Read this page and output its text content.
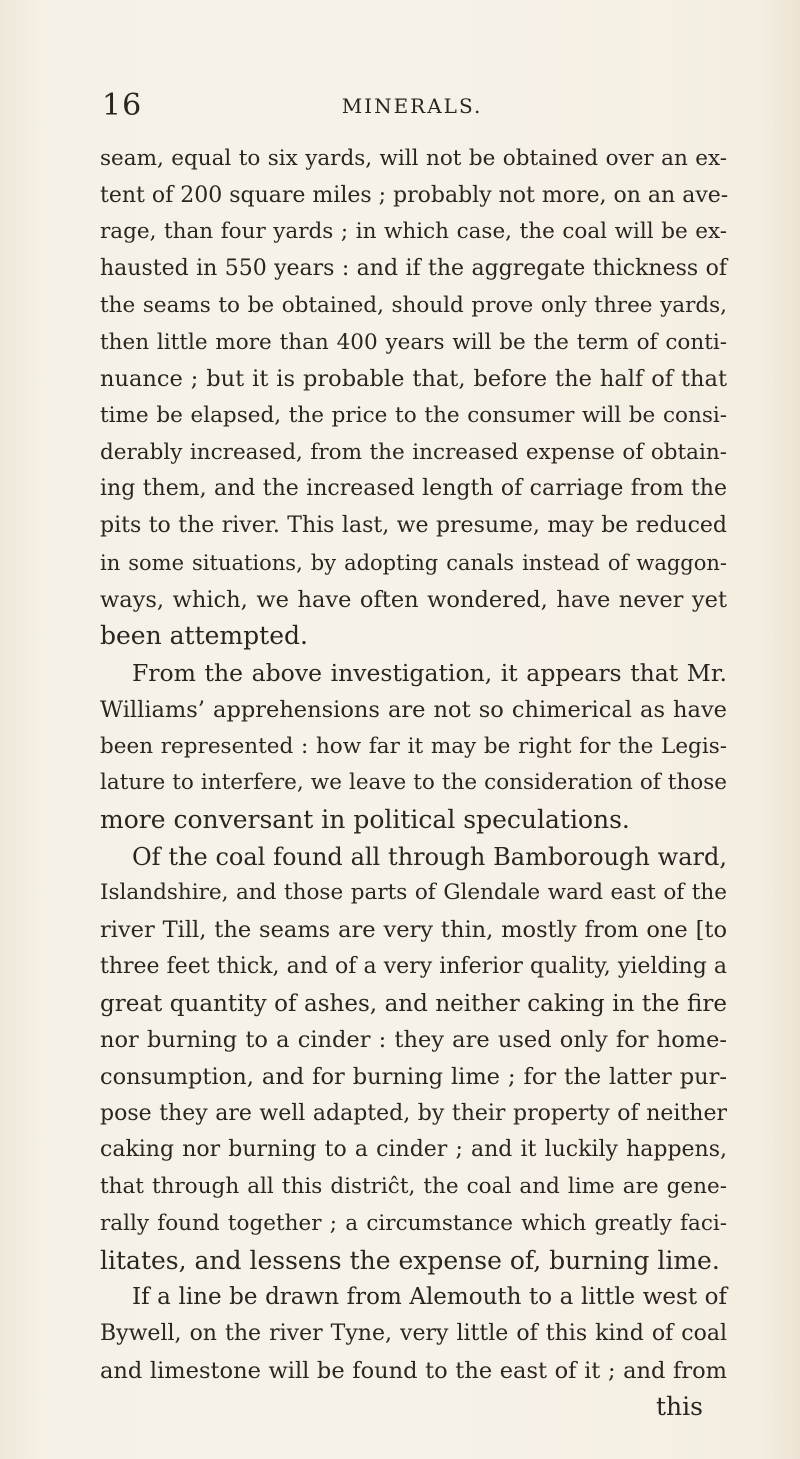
16	MINERALS.
seam, equal to six yards, will not be obtained over an ex-
tent of 200 square miles ; probably not more, on an ave-
rage, than four yards ; in which case, the coal will be ex-
hausted in 550 years : and if the aggregate thickness of
the seams to be obtained, should prove only three yards,
then little more than 400 years will be the term of conti-
nuance ; but it is probable that, before the half of that
time be elapsed, the price to the consumer will be consi-
derably increased, from the increased expense of obtain-
ing them, and the increased length of carriage from the
pits to the river. This last, we presume, may be reduced
in some situations, by adopting canals instead of waggon-
ways, which, we have often wondered, have never yet
been attempted.
From the above investigation, it appears that Mr.
Williams’ apprehensions are not so chimerical as have
been represented : how far it may be right for the Legis-
lature to interfere, we leave to the consideration of those
more conversant in political speculations.
Of the coal found all through Bamborough ward,
Islandshire, and those parts of Glendale ward east of the
river Till, the seams are very thin, mostly from one [to
three feet thick, and of a very inferior quality, yielding a
great quantity of ashes, and neither caking in the fire
nor burning to a cinder : they are used only for home-
consumption, and for burning lime ; for the latter pur-
pose they are well adapted, by their property of neither
caking nor burning to a cinder ; and it luckily happens,
that through all this distriĉt, the coal and lime are gene-
rally found together ; a circumstance which greatly faci-
litates, and lessens the expense of, burning lime.
If a line be drawn from Alemouth to a little west of
Bywell, on the river Tyne, very little of this kind of coal
and limestone will be found to the east of it ; and from
this
